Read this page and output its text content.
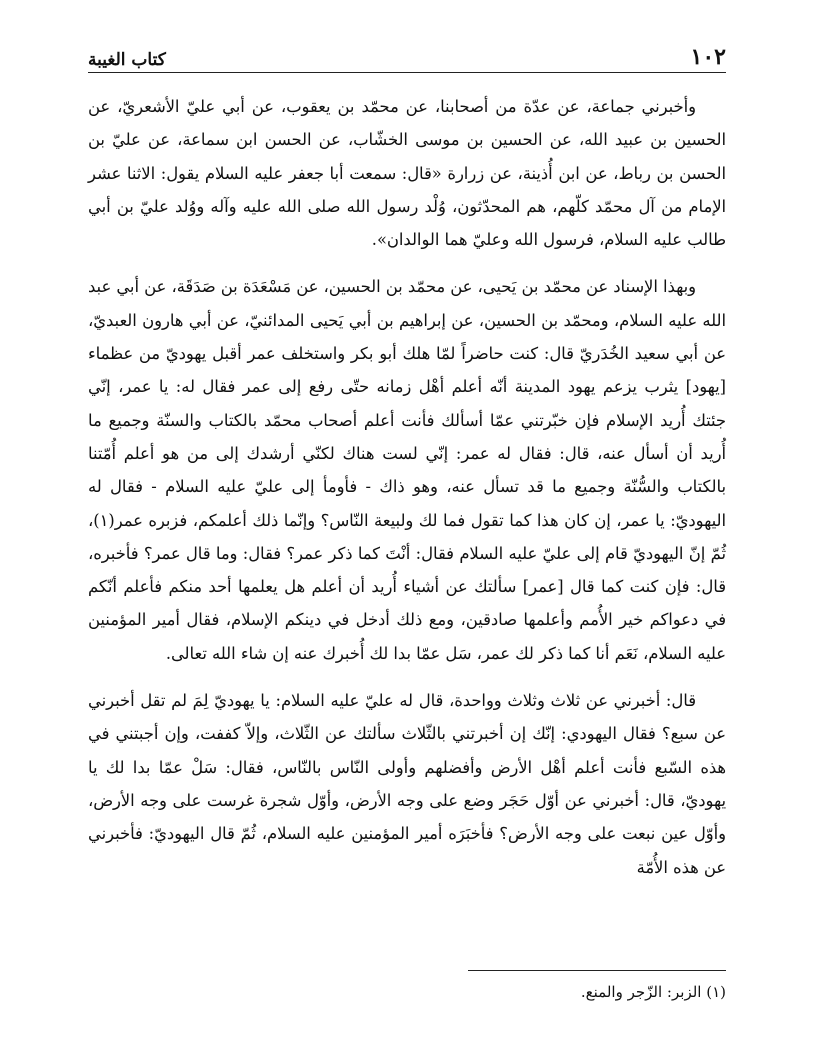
١٠٢
كتاب الغيبة

وأخبرني جماعة، عن عدّة من أصحابنا، عن محمّد بن يعقوب، عن أبي عليّ الأشعريّ، عن الحسين بن عبيد الله، عن الحسين بن موسى الخشّاب، عن الحسن ابن سماعة، عن عليّ بن الحسن بن رباط، عن ابن أُذينة، عن زرارة «قال: سمعت أبا جعفر عليه السلام يقول: الاثنا عشر الإمام من آل محمّد كلّهم، هم المحدّثون، وُلْد رسول الله صلى الله عليه وآله ووُلد عليّ بن أبي طالب عليه السلام، فرسول الله وعليّ هما الوالدان».

وبهذا الإسناد عن محمّد بن يَحيى، عن محمّد بن الحسين، عن مَسْعَدَة بن صَدَقَة، عن أبي عبد الله عليه السلام، ومحمّد بن الحسين، عن إبراهيم بن أبي يَحيى المدائنيّ، عن أبي هارون العبديّ، عن أبي سعيد الخُدَريّ قال: كنت حاضراً لمّا هلك أبو بكر واستخلف عمر أقبل يهوديّ من عظماء [يهود] يثرب يزعم يهود المدينة أنّه أعلم أهْل زمانه حتّى رفع إلى عمر فقال له: يا عمر، إنّي جئتك أُريد الإسلام فإن خبّرتني عمّا أسألك فأنت أعلم أصحاب محمّد بالكتاب والسنّة وجميع ما أُريد أن أسأل عنه، قال: فقال له عمر: إنّي لست هناك لكنّي أرشدك إلى من هو أعلم أُمّتنا بالكتاب والسُّنّة وجميع ما قد تسأل عنه، وهو ذاك - فأومأ إلى عليّ عليه السلام - فقال له اليهوديّ: يا عمر، إن كان هذا كما تقول فما لك ولبيعة النّاس؟ وإنّما ذلك أعلمكم، فزبره عمر(١)، ثُمّ إنّ اليهوديّ قام إلى عليّ عليه السلام فقال: أنْتَ كما ذكر عمر؟ فقال: وما قال عمر؟ فأخبره، قال: فإن كنت كما قال [عمر] سألتك عن أشياء أُريد أن أعلم هل يعلمها أحد منكم فأعلم أنّكم في دعواكم خير الأُمم وأعلمها صادقين، ومع ذلك أدخل في دينكم الإسلام، فقال أمير المؤمنين عليه السلام، نَعَم أنا كما ذكر لك عمر، سَل عمّا بدا لك أُخبرك عنه إن شاء الله تعالى.

قال: أخبرني عن ثلاث وثلاث وواحدة، قال له عليّ عليه السلام: يا يهوديّ لِمَ لم تقل أخبرني عن سبع؟ فقال اليهودي: إنّك إن أخبرتني بالثّلاث سألتك عن الثّلاث، وإلاّ كففت، وإن أجبتني في هذه السّبع فأنت أعلم أهْل الأرض وأفضلهم وأولى النّاس بالنّاس، فقال: سَلْ عمّا بدا لك يا يهوديّ، قال: أخبرني عن أوّل حَجَر وضع على وجه الأرض، وأوّل شجرة غرست على وجه الأرض، وأوّل عين نبعت على وجه الأرض؟ فأخبَرَه أمير المؤمنين عليه السلام، ثُمّ قال اليهوديّ: فأخبرني عن هذه الأُمّة

(١) الزبر: الزّجر والمنع.
